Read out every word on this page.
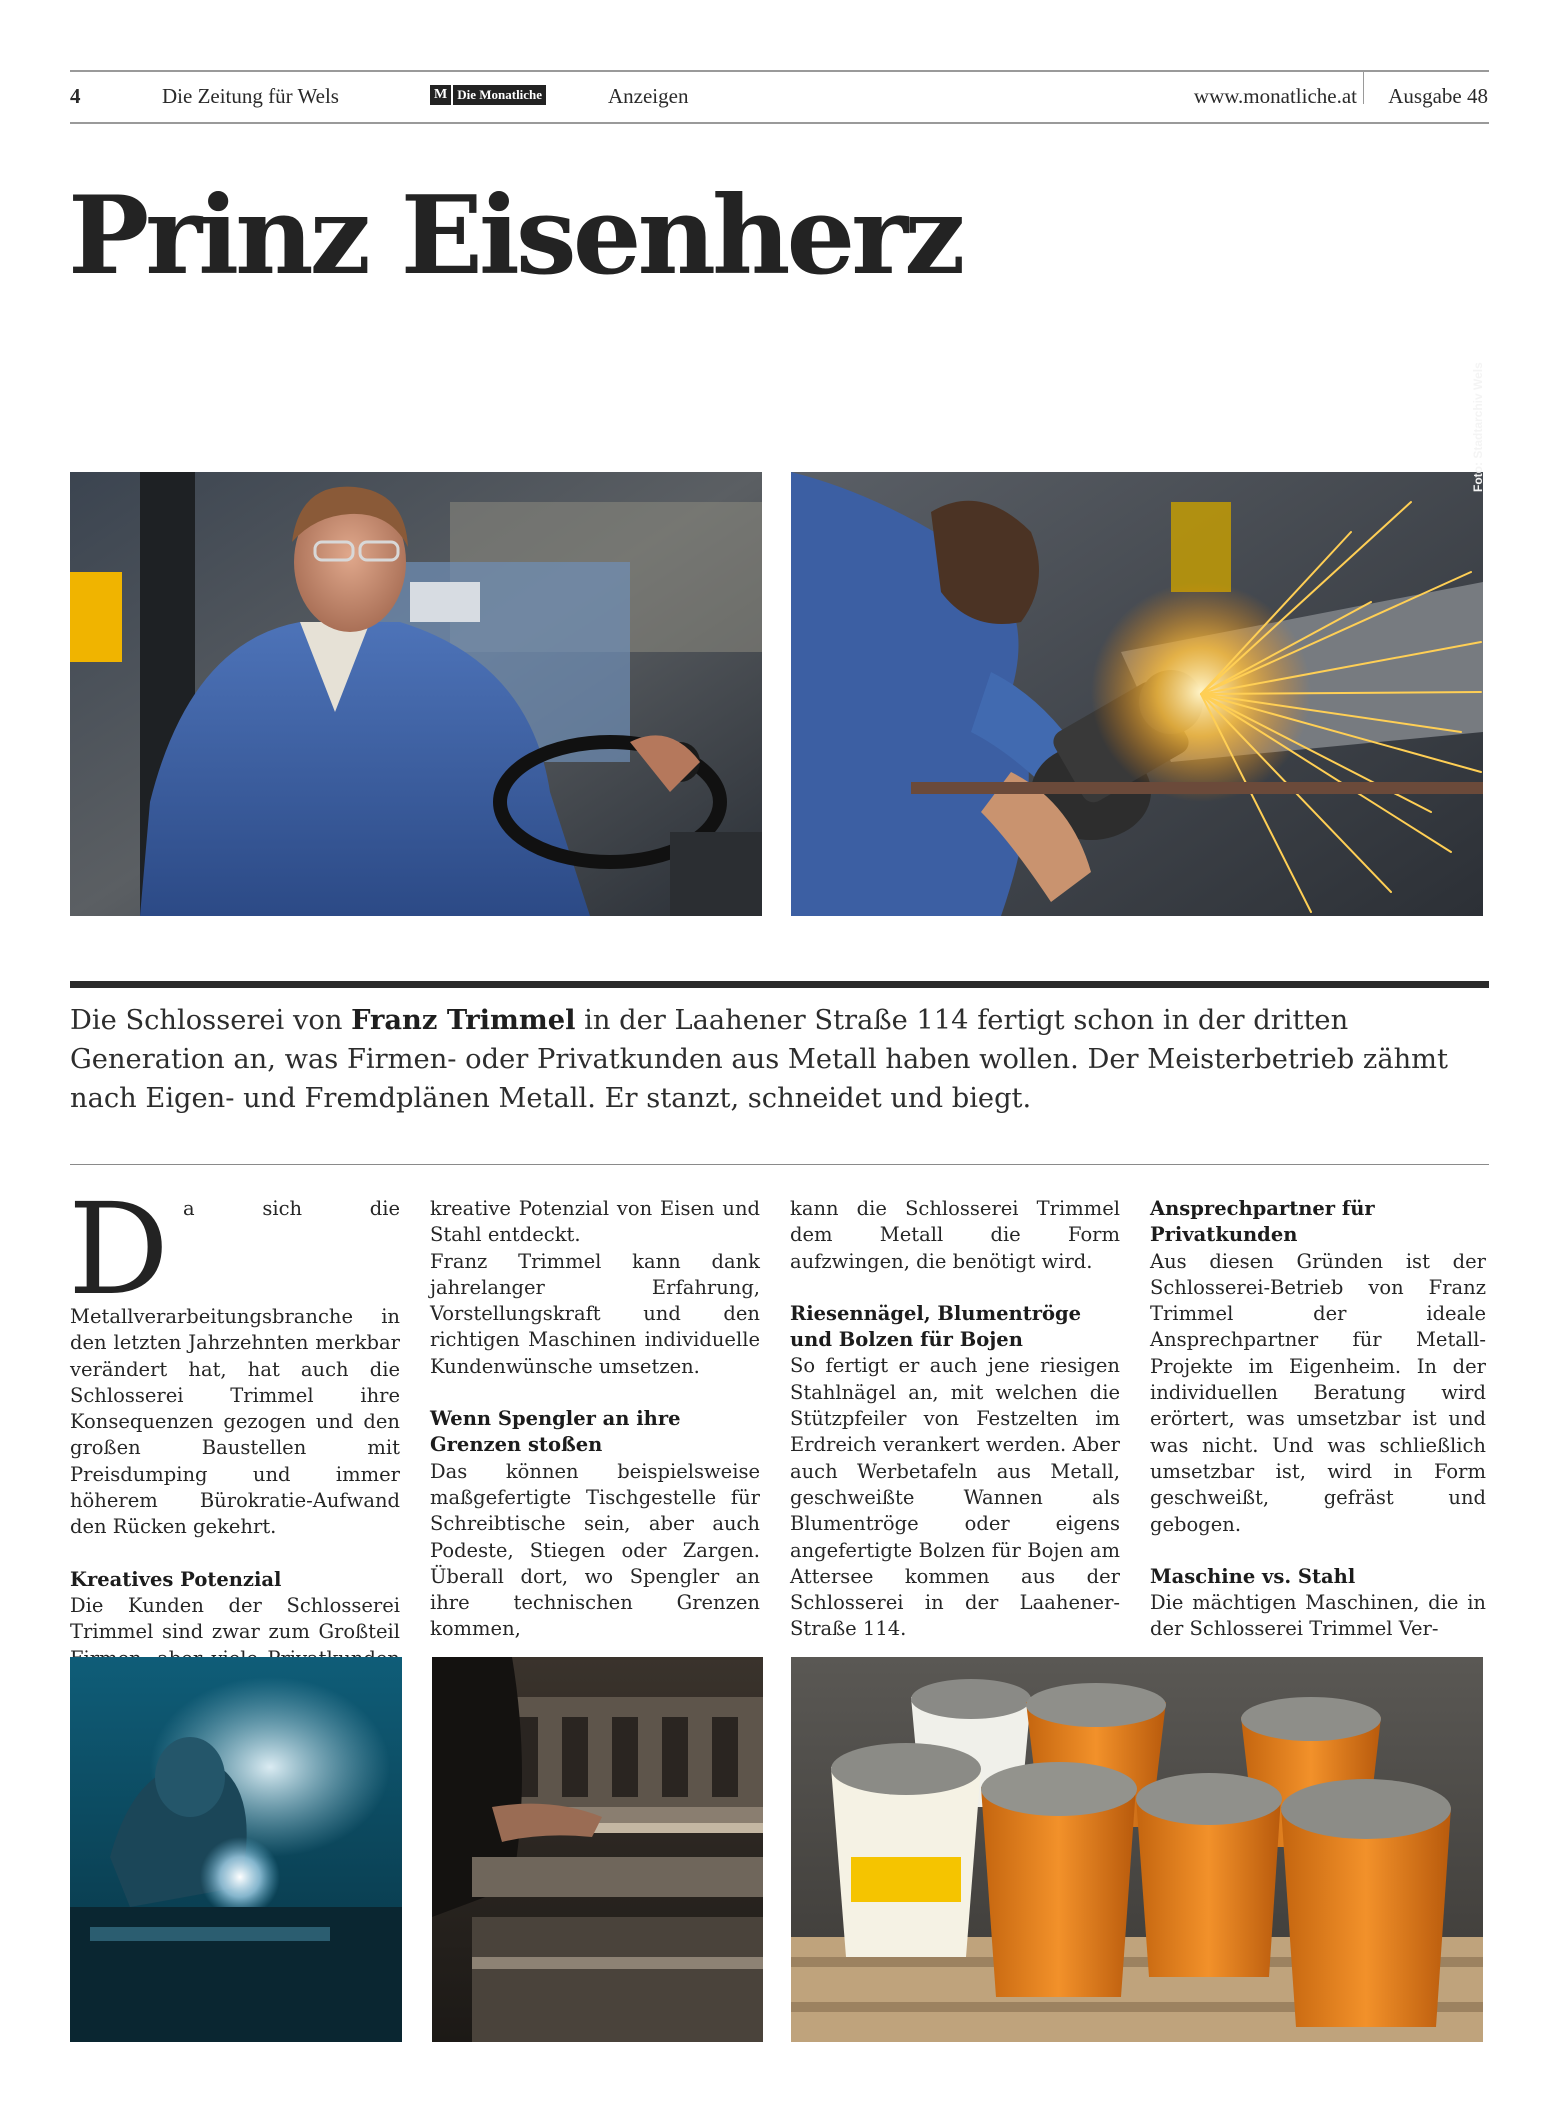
4	Die Zeitung für Wels	M Die Monatliche	Anzeigen	www.monatliche.at Ausgabe 48
Prinz Eisenherz
Foto: Stadtarchiv Wels
Die Schlosserei von Franz Trimmel in der Laahener Straße 114 fertigt schon in der dritten Generation an, was Firmen- oder Privatkunden aus Metall haben wollen. Der Meisterbetrieb zähmt nach Eigen- und Fremdplänen Metall. Er stanzt, schneidet und biegt.
D a sich die Metallverarbeitungsbranche in den letzten Jahrzehnten merkbar verändert hat, hat auch die Schlosserei Trimmel ihre Konsequenzen gezogen und den großen Baustellen mit Preisdumping und immer höherem Bürokratie-Aufwand den Rücken gekehrt.

Kreatives Potenzial

Die Kunden der Schlosserei Trimmel sind zwar zum Großteil

kreative Potenzial von Eisen und Stahl entdeckt.

Franz Trimmel kann dank jahrelanger Erfahrung, Vorstellungskraft und den richtigen Maschinen individuelle Kundenwünsche umsetzen.

Wenn Spengler an ihre Grenzen stoßen

Das können beispielsweise maßgefertigte Tischgestelle für Schreibtische sein, aber auch Podeste, Stiegen oder Zargen. Überall dort, wo Spengler an ihre technischen Grenzen kommen,

kann die Schlosserei Trimmel dem Metall die Form aufzwingen, die benötigt wird.

Riesennägel, Blumentröge und Bolzen für Bojen

So fertigt er auch jene riesigen Stahlnägel an, mit welchen die Stützpfeiler von Festzelten im Erdreich verankert werden. Aber auch Werbetafeln aus Metall, geschweißte Wannen als Blumentröge oder eigens angefertigte Bolzen für Bojen am Attersee kommen aus der Schlosserei in der Laahener-Straße 114.

Ansprechpartner für Privatkunden

Aus diesen Gründen ist der Schlosserei-Betrieb von Franz Trimmel der ideale Ansprechpartner für Metall-Projekte im Eigenheim. In der individuellen Beratung wird erörtert, was umsetzbar ist und was nicht. Und was schließlich umsetzbar ist, wird in Form geschweißt, gefräst und gebogen.

Maschine vs. Stahl

Die mächtigen Maschinen, die in der Schlosserei Trimmel Ver-
